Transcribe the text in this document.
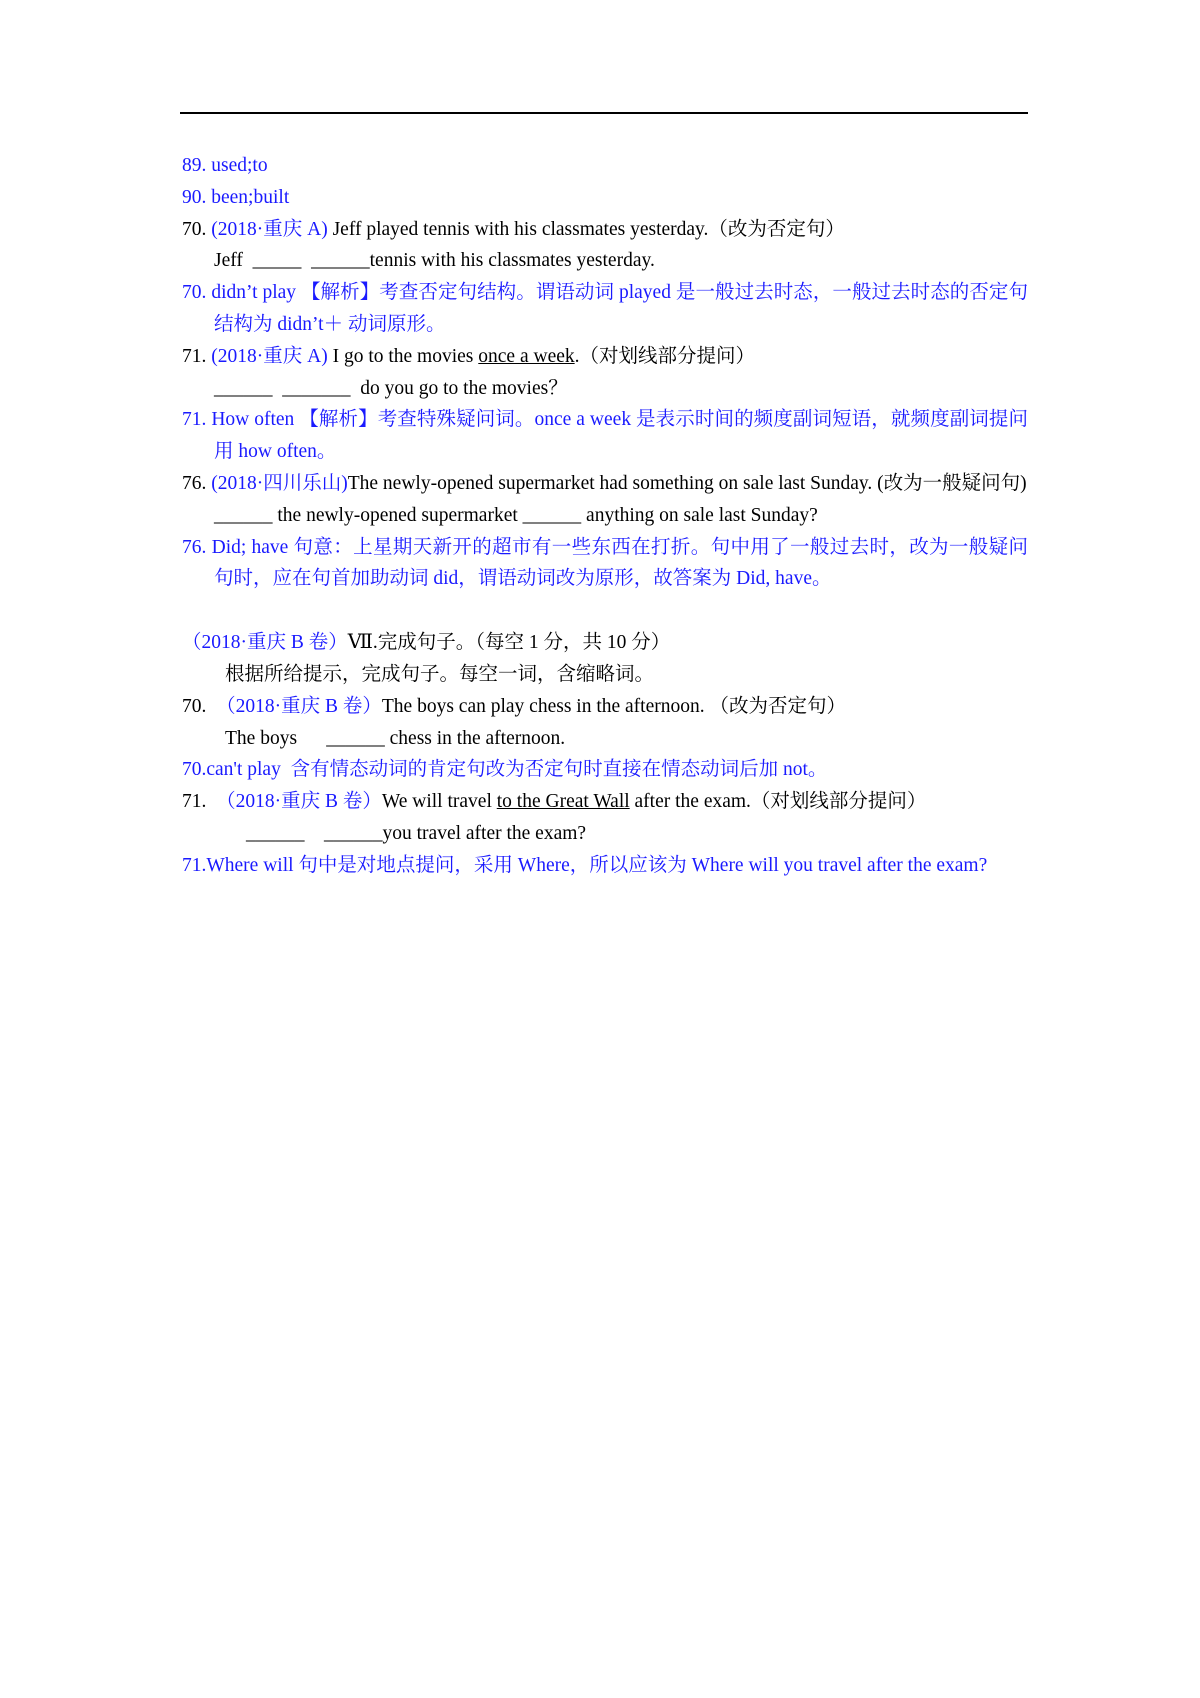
89. used;to
90. been;built
70. (2018·重庆 A) Jeff played tennis with his classmates yesterday.（改为否定句）
Jeff  _____  ______tennis with his classmates yesterday.
70. didn’t play 【解析】考查否定句结构。谓语动词 played 是一般过去时态，一般过去时态的否定句结构为 didn’t＋ 动词原形。
71. (2018·重庆 A) I go to the movies once a week.（对划线部分提问）
______  _______  do you go to the movies？
71. How often 【解析】考查特殊疑问词。once a week 是表示时间的频度副词短语，就频度副词提问用 how often。
76. (2018·四川乐山)The newly-opened supermarket had something on sale last Sunday. (改为一般疑问句)
______ the newly-opened supermarket ______ anything on sale last Sunday?
76. Did; have 句意：上星期天新开的超市有一些东西在打折。句中用了一般过去时，改为一般疑问句时，应在句首加助动词 did，谓语动词改为原形，故答案为 Did, have。
（2018·重庆 B 卷）Ⅶ.完成句子。（每空 1 分，共 10 分）
根据所给提示，完成句子。每空一词，含缩略词。
70.  （2018·重庆 B 卷）The boys can play chess in the afternoon. （改为否定句）
The boys      ______ chess in the afternoon.
70.can't play  含有情态动词的肯定句改为否定句时直接在情态动词后加 not。
71.  （2018·重庆 B 卷）We will travel to the Great Wall after the exam.（对划线部分提问）
______    ______you travel after the exam?
71.Where will 句中是对地点提问，采用 Where，所以应该为 Where will you travel after the exam?
